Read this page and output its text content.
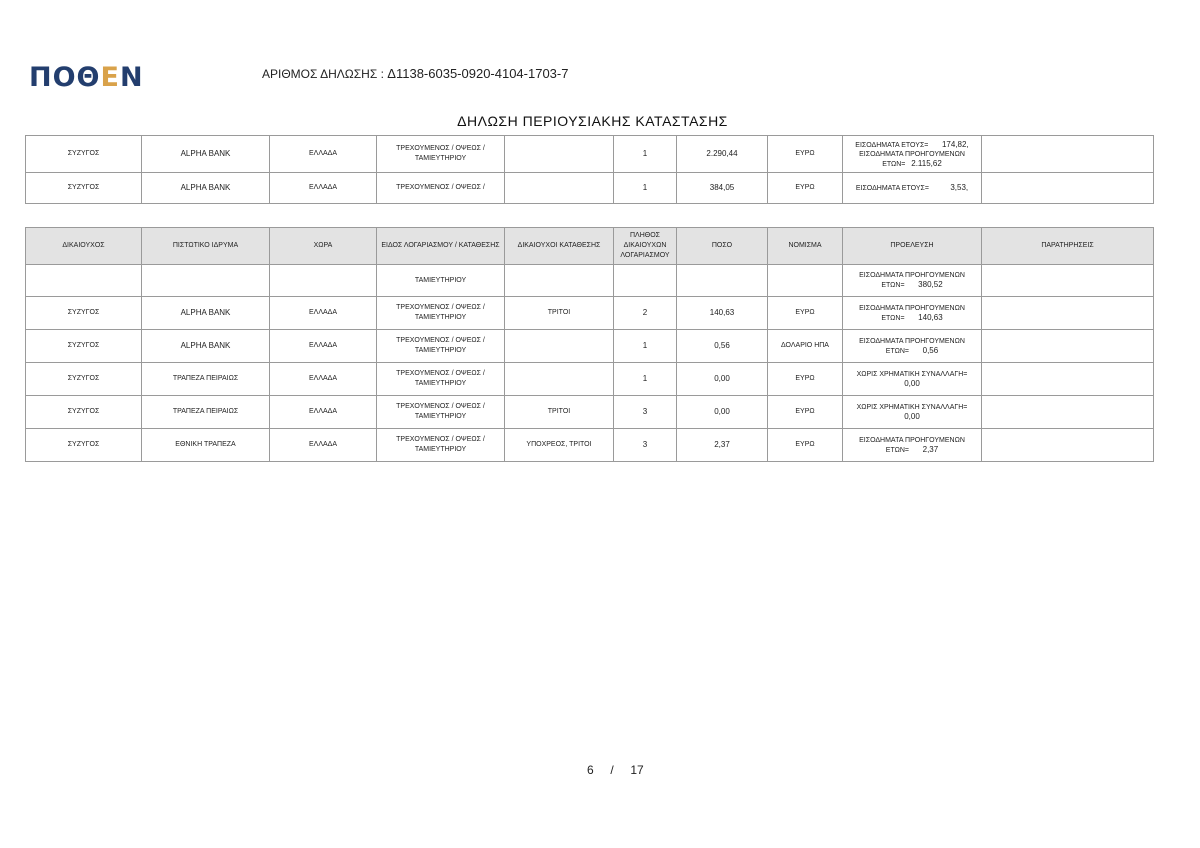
ΠΟΘΕΝ	ΑΡΙΘΜΟΣ ΔΗΛΩΣΗΣ : Δ1138-6035-0920-4104-1703-7
ΔΗΛΩΣΗ ΠΕΡΙΟΥΣΙΑΚΗΣ ΚΑΤΑΣΤΑΣΗΣ
ΣΥΖΥΓΟΣ	ALPHA BANK	ΕΛΛΑΔΑ	ΤΡΕΧΟΥΜΕΝΟΣ / ΟΨΕΩΣ / ΤΑΜΙΕΥΤΗΡΙΟΥ		1	2.290,44	ΕΥΡΩ	ΕΙΣΟΔΗΜΑΤΑ ΕΤΟΥΣ= 174,82,
ΕΙΣΟΔΗΜΑΤΑ ΠΡΟΗΓΟΥΜΕΝΩΝ ΕΤΩΝ= 2.115,62	

ΣΥΖΥΓΟΣ	ALPHA BANK	ΕΛΛΑΔΑ	ΤΡΕΧΟΥΜΕΝΟΣ / ΟΨΕΩΣ /		1	384,05	ΕΥΡΩ	ΕΙΣΟΔΗΜΑΤΑ ΕΤΟΥΣ= 3,53,	

ΔΙΚΑΙΟΥΧΟΣ	ΠΙΣΤΩΤΙΚΟ ΙΔΡΥΜΑ	ΧΩΡΑ	ΕΙΔΟΣ ΛΟΓΑΡΙΑΣΜΟΥ / ΚΑΤΑΘΕΣΗΣ	ΔΙΚΑΙΟΥΧΟΙ ΚΑΤΑΘΕΣΗΣ	ΠΛΗΘΟΣ ΔΙΚΑΙΟΥΧΩΝ ΛΟΓΑΡΙΑΣΜΟΥ	ΠΟΣΟ	ΝΟΜΙΣΜΑ	ΠΡΟΕΛΕΥΣΗ	ΠΑΡΑΤΗΡΗΣΕΙΣ
			ΤΑΜΙΕΥΤΗΡΙΟΥ					ΕΙΣΟΔΗΜΑΤΑ ΠΡΟΗΓΟΥΜΕΝΩΝ
ΕΤΩΝ= 380,52	

ΣΥΖΥΓΟΣ	ALPHA BANK	ΕΛΛΑΔΑ	ΤΡΕΧΟΥΜΕΝΟΣ / ΟΨΕΩΣ / ΤΑΜΙΕΥΤΗΡΙΟΥ	ΤΡΙΤΟΙ	2	140,63	ΕΥΡΩ	ΕΙΣΟΔΗΜΑΤΑ ΠΡΟΗΓΟΥΜΕΝΩΝ
ΕΤΩΝ= 140,63	

ΣΥΖΥΓΟΣ	ALPHA BANK	ΕΛΛΑΔΑ	ΤΡΕΧΟΥΜΕΝΟΣ / ΟΨΕΩΣ / ΤΑΜΙΕΥΤΗΡΙΟΥ		1	0,56	ΔΟΛΑΡΙΟ ΗΠΑ	ΕΙΣΟΔΗΜΑΤΑ ΠΡΟΗΓΟΥΜΕΝΩΝ
ΕΤΩΝ= 0,56	

ΣΥΖΥΓΟΣ	ΤΡΑΠΕΖΑ ΠΕΙΡΑΙΩΣ	ΕΛΛΑΔΑ	ΤΡΕΧΟΥΜΕΝΟΣ / ΟΨΕΩΣ / ΤΑΜΙΕΥΤΗΡΙΟΥ		1	0,00	ΕΥΡΩ	ΧΩΡΙΣ ΧΡΗΜΑΤΙΚΗ ΣΥΝΑΛΛΑΓΗ=
0,00	

ΣΥΖΥΓΟΣ	ΤΡΑΠΕΖΑ ΠΕΙΡΑΙΩΣ	ΕΛΛΑΔΑ	ΤΡΕΧΟΥΜΕΝΟΣ / ΟΨΕΩΣ / ΤΑΜΙΕΥΤΗΡΙΟΥ	ΤΡΙΤΟΙ	3	0,00	ΕΥΡΩ	ΧΩΡΙΣ ΧΡΗΜΑΤΙΚΗ ΣΥΝΑΛΛΑΓΗ=
0,00	

ΣΥΖΥΓΟΣ	ΕΘΝΙΚΗ ΤΡΑΠΕΖΑ	ΕΛΛΑΔΑ	ΤΡΕΧΟΥΜΕΝΟΣ / ΟΨΕΩΣ / ΤΑΜΙΕΥΤΗΡΙΟΥ	ΥΠΟΧΡΕΟΣ, ΤΡΙΤΟΙ	3	2,37	ΕΥΡΩ	ΕΙΣΟΔΗΜΑΤΑ ΠΡΟΗΓΟΥΜΕΝΩΝ
ΕΤΩΝ= 2,37	

6 / 17
